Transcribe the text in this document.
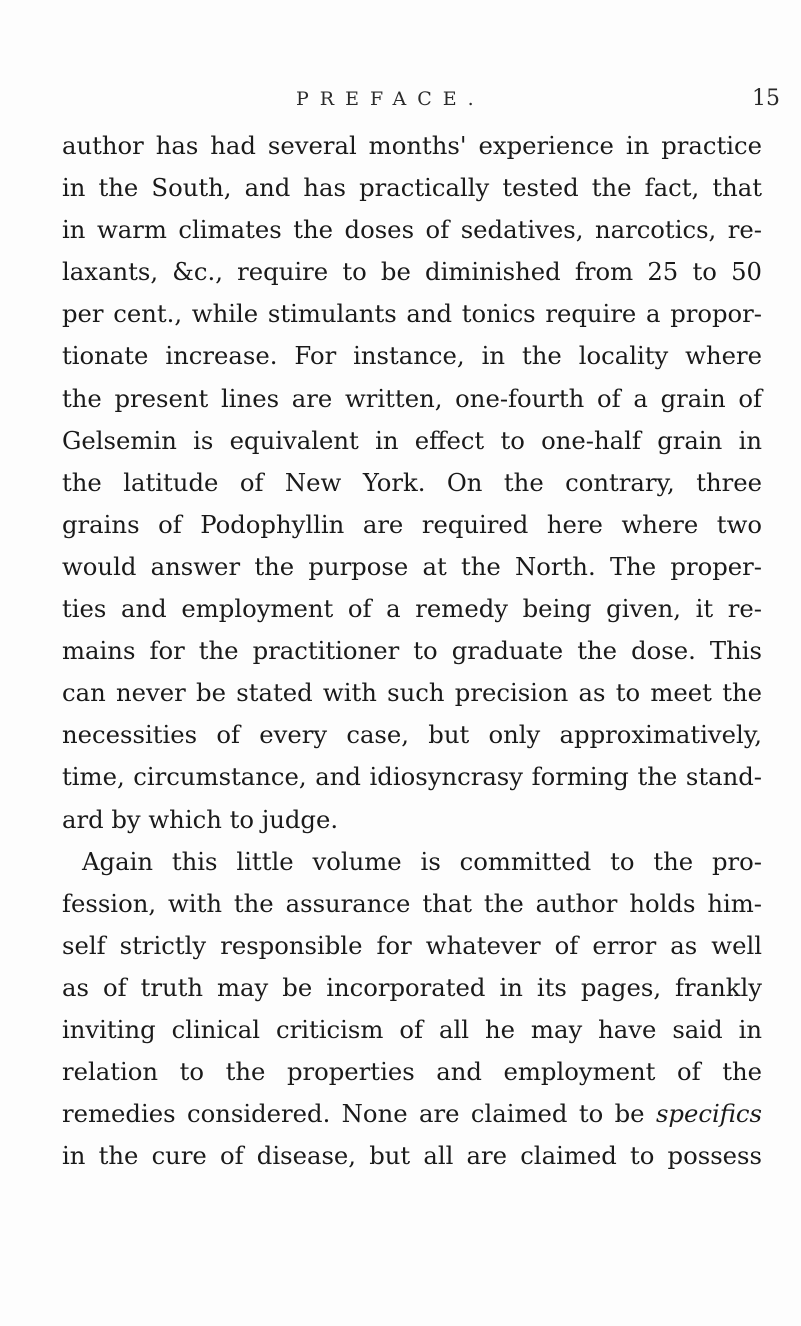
PREFACE.	15
author has had several months' experience in practice
in the South, and has practically tested the fact, that
in warm climates the doses of sedatives, narcotics, re-
laxants, &c., require to be diminished from 25 to 50
per cent., while stimulants and tonics require a propor-
tionate increase. For instance, in the locality where
the present lines are written, one-fourth of a grain of
Gelsemin is equivalent in effect to one-half grain in
the latitude of New York. On the contrary, three
grains of Podophyllin are required here where two
would answer the purpose at the North. The proper-
ties and employment of a remedy being given, it re-
mains for the practitioner to graduate the dose. This
can never be stated with such precision as to meet the
necessities of every case, but only approximatively,
time, circumstance, and idiosyncrasy forming the stand-
ard by which to judge.
Again this little volume is committed to the pro-
fession, with the assurance that the author holds him-
self strictly responsible for whatever of error as well
as of truth may be incorporated in its pages, frankly
inviting clinical criticism of all he may have said in
relation to the properties and employment of the
remedies considered. None are claimed to be specifics
in the cure of disease, but all are claimed to possess
